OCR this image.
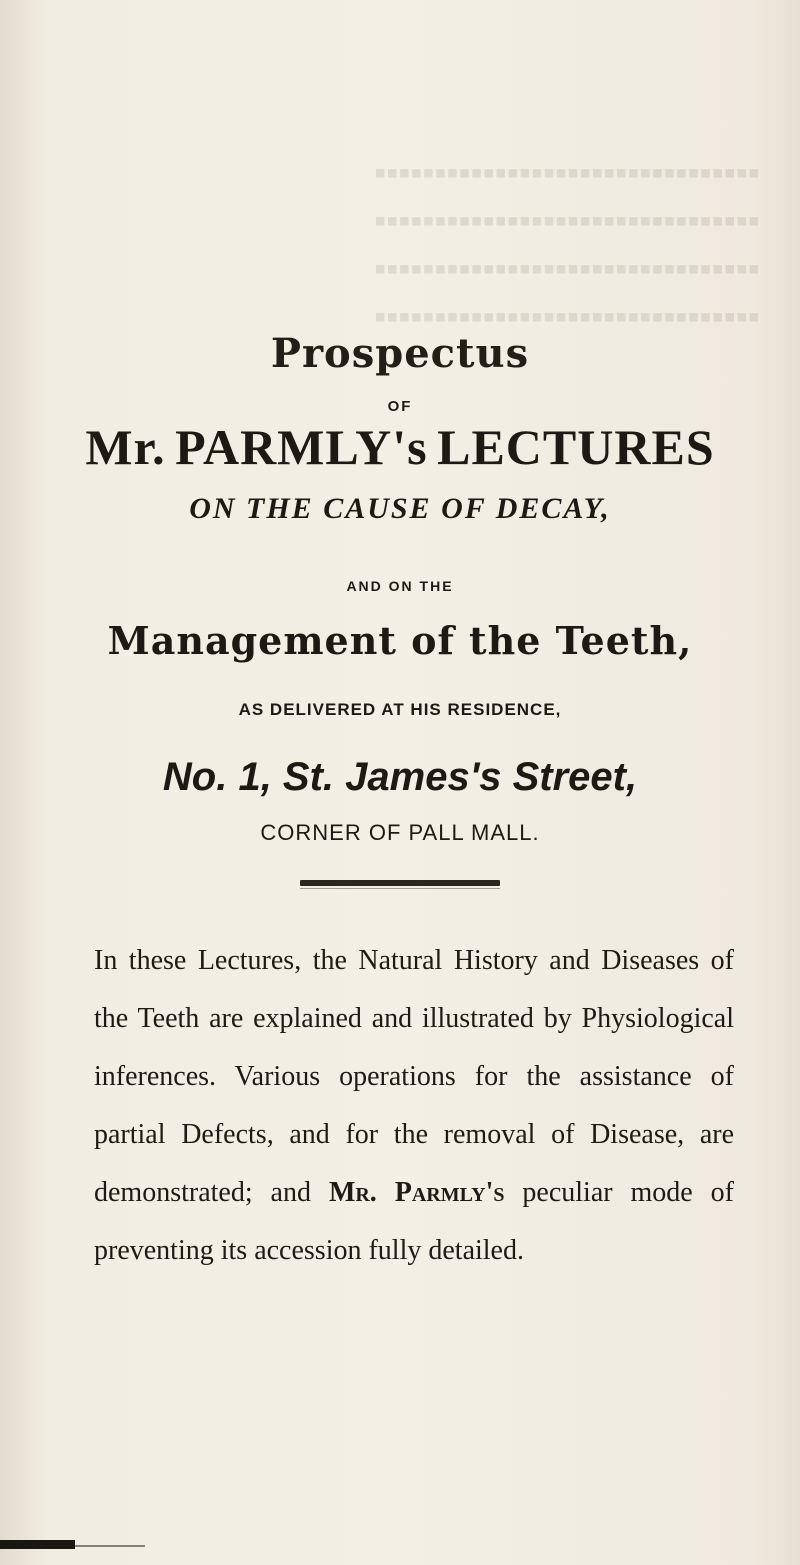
▪▪▪▪▪▪▪▪▪▪▪▪▪▪▪▪▪▪▪▪▪▪▪▪▪▪▪▪▪▪▪▪
▪▪▪▪▪▪▪▪▪▪▪▪▪▪▪▪▪▪▪▪▪▪▪▪▪▪▪▪▪▪▪▪
▪▪▪▪▪▪▪▪▪▪▪▪▪▪▪▪▪▪▪▪▪▪▪▪▪▪▪▪▪▪▪▪
▪▪▪▪▪▪▪▪▪▪▪▪▪▪▪▪▪▪▪▪▪▪▪▪▪▪▪▪▪▪▪▪
Prospectus
OF
Mr. PARMLY's LECTURES
ON THE CAUSE OF DECAY,
AND ON THE
Management of the Teeth,
AS DELIVERED AT HIS RESIDENCE,
No. 1, St. James's Street,
CORNER OF PALL MALL.
In these Lectures, the Natural History and Diseases of the Teeth are explained and illustrated by Physiological inferences. Various operations for the assistance of partial Defects, and for the removal of Disease, are demonstrated; and Mr. Parmly's peculiar mode of preventing its accession fully detailed.
